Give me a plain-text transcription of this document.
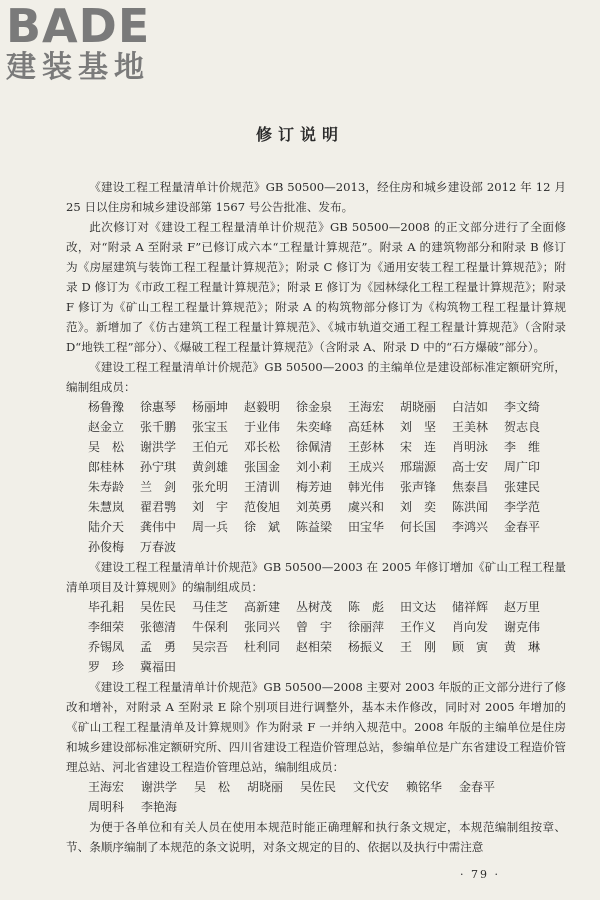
BADE
建装基地
修订说明

《建设工程工程量清单计价规范》GB 50500—2013，经住房和城乡建设部 2012 年 12 月 25 日以住房和城乡建设部第 1567 号公告批准、发布。

此次修订对《建设工程工程量清单计价规范》GB 50500—2008 的正文部分进行了全面修改，对“附录 A 至附录 F”已修订成六本“工程量计算规范”。附录 A 的建筑物部分和附录 B 修订为《房屋建筑与装饰工程工程量计算规范》；附录 C 修订为《通用安装工程工程量计算规范》；附录 D 修订为《市政工程工程量计算规范》；附录 E 修订为《园林绿化工程工程量计算规范》；附录 F 修订为《矿山工程工程量计算规范》；附录 A 的构筑物部分修订为《构筑物工程工程量计算规范》。新增加了《仿古建筑工程工程量计算规范》、《城市轨道交通工程工程量计算规范》（含附录 D“地铁工程”部分）、《爆破工程工程量计算规范》（含附录 A、附录 D 中的“石方爆破”部分）。

《建设工程工程量清单计价规范》GB 50500—2003 的主编单位是建设部标准定额研究所，编制组成员：

杨鲁豫	徐惠琴	杨丽坤	赵毅明	徐金泉	王海宏	胡晓丽	白洁如	李文绮
赵金立	张千鹏	张宝玉	于业伟	朱奕峰	高廷林	刘　坚	王美林	贺志良
吴　松	谢洪学	王伯元	邓长松	徐佩清	王彭林	宋　连	肖明泳	李　维
郎桂林	孙宁琪	黄剑雄	张国金	刘小莉	王成兴	邢瑞源	高士安	周广印
朱寿龄	兰　剑	张允明	王清训	梅芳迪	韩光伟	张声锋	焦泰昌	张建民
朱慧岚	翟君鹗	刘　宇	范俊旭	刘英勇	虞兴和	刘　奕	陈洪闻	李学范
陆介天	龚伟中	周一兵	徐　斌	陈益梁	田宝华	何长国	李鸿兴	金春平
孙俊梅	万春波

《建设工程工程量清单计价规范》GB 50500—2003 在 2005 年修订增加《矿山工程工程量清单项目及计算规则》的编制组成员：

毕孔耜	吴佐民	马佳芝	高新建	丛树茂	陈　彪	田文达	储祥辉	赵万里
李细荣	张德清	牛保利	张同兴	曾　宇	徐丽萍	王作义	肖向发	谢克伟
乔锡凤	孟　勇	吴宗吾	杜利同	赵相荣	杨振义	王　刚	顾　寅	黄　琳
罗　珍	冀福田

《建设工程工程量清单计价规范》GB 50500—2008 主要对 2003 年版的正文部分进行了修改和增补，对附录 A 至附录 E 除个别项目进行调整外，基本未作修改，同时对 2005 年增加的《矿山工程工程量清单及计算规则》作为附录 F 一并纳入规范中。2008 年版的主编单位是住房和城乡建设部标准定额研究所、四川省建设工程造价管理总站，参编单位是广东省建设工程造价管理总站、河北省建设工程造价管理总站，编制组成员：

王海宏	谢洪学	吴　松	胡晓丽	吴佐民	文代安	赖铭华	金春平
周明科	李艳海

为便于各单位和有关人员在使用本规范时能正确理解和执行条文规定，本规范编制组按章、节、条顺序编制了本规范的条文说明，对条文规定的目的、依据以及执行中需注意

· 79 ·
